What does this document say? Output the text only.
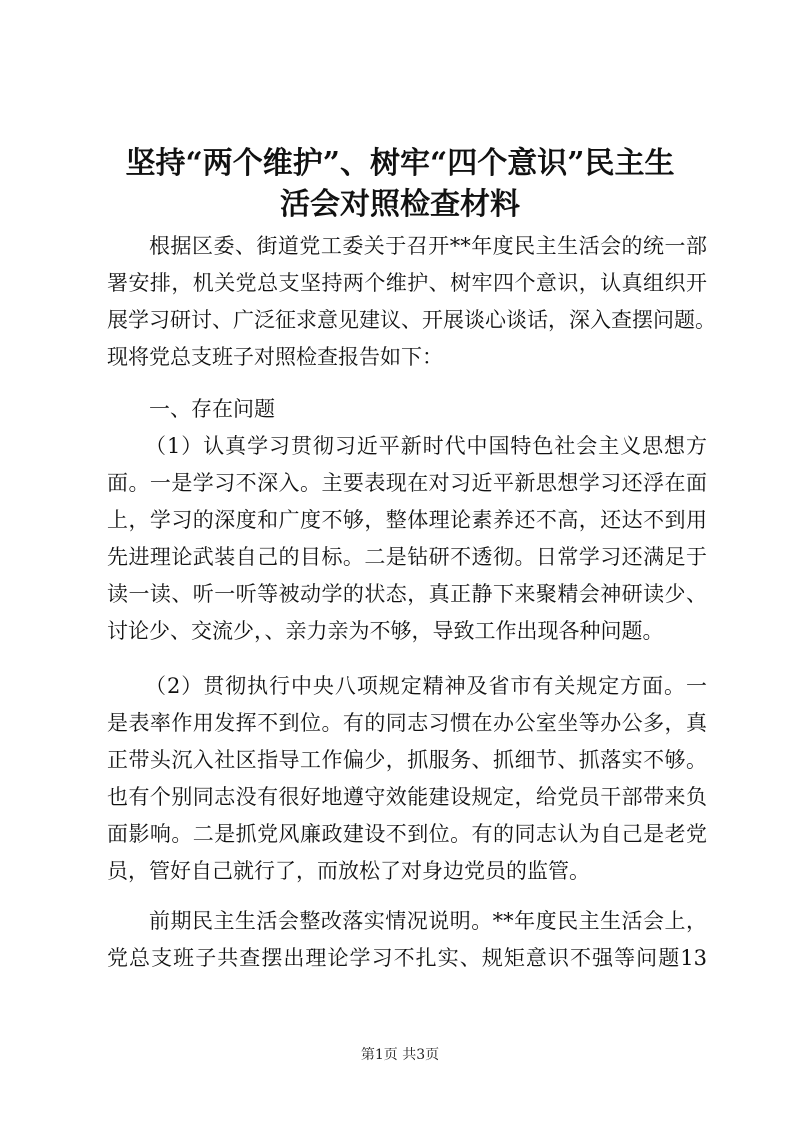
坚持“两个维护”、树牢“四个意识”民主生
活会对照检查材料
根据区委、街道党工委关于召开**年度民主生活会的统一部
署安排，机关党总支坚持两个维护、树牢四个意识，认真组织开
展学习研讨、广泛征求意见建议、开展谈心谈话，深入查摆问题。
现将党总支班子对照检查报告如下：
一、存在问题
（1）认真学习贯彻习近平新时代中国特色社会主义思想方
面。一是学习不深入。主要表现在对习近平新思想学习还浮在面
上，学习的深度和广度不够，整体理论素养还不高，还达不到用
先进理论武装自己的目标。二是钻研不透彻。日常学习还满足于
读一读、听一听等被动学的状态，真正静下来聚精会神研读少、
讨论少、交流少，、亲力亲为不够，导致工作出现各种问题。
（2）贯彻执行中央八项规定精神及省市有关规定方面。一
是表率作用发挥不到位。有的同志习惯在办公室坐等办公多，真
正带头沉入社区指导工作偏少，抓服务、抓细节、抓落实不够。
也有个别同志没有很好地遵守效能建设规定，给党员干部带来负
面影响。二是抓党风廉政建设不到位。有的同志认为自己是老党
员，管好自己就行了，而放松了对身边党员的监管。
前期民主生活会整改落实情况说明。**年度民主生活会上，
党总支班子共查摆出理论学习不扎实、规矩意识不强等问题13
第1页 共3页
